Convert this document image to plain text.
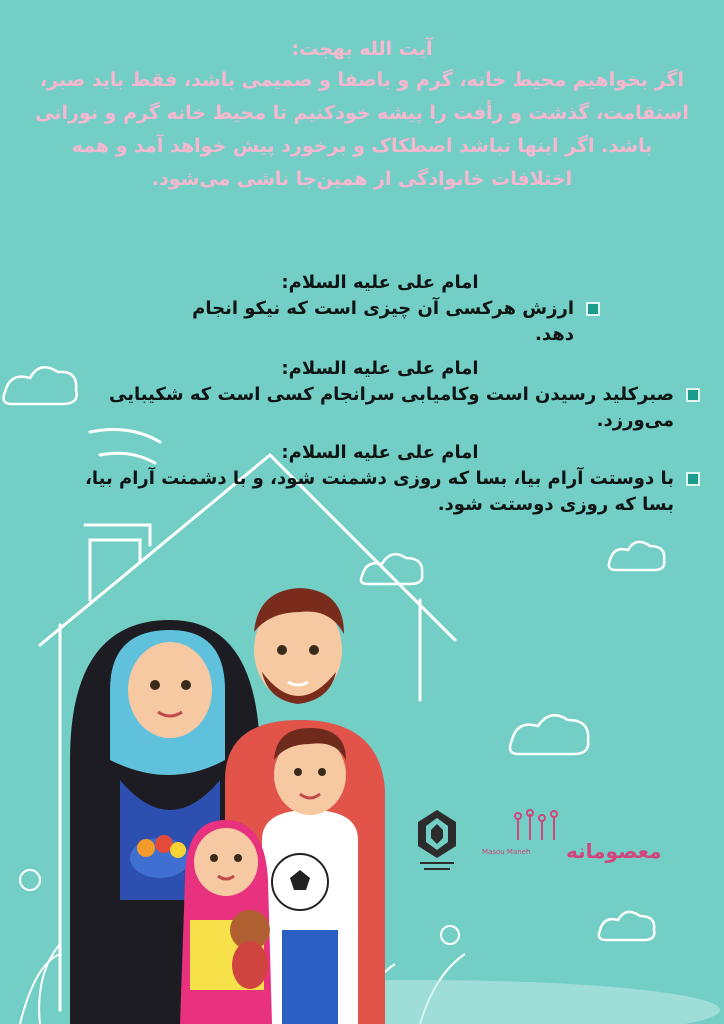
معصومانه
Masou Maneh
آیت الله بهجت:
اگر بخواهیم محیط خانه، گرم و باصفا و صمیمی باشد، فقط باید صبر،
استقامت، گذشت و رأفت را پیشه خودکنیم تا محیط خانه گرم و نورانی
باشد. اگر اینها نباشد اصطکاک و برخورد پیش خواهد آمد و همه
اختلافات خانوادگی از همین‌جا ناشی می‌شود.
امام علی علیه السلام:
ارزش هرکسی آن چیزی است که نیکو انجام دهد.
امام علی علیه السلام:
صبرکلید رسیدن است وکامیابی سرانجام کسی است که شکیبایی می‌ورزد.
امام علی علیه السلام:
با دوستت آرام بیا، بسا که روزی دشمنت شود، و با دشمنت آرام بیا، بسا که روزی دوستت شود.
